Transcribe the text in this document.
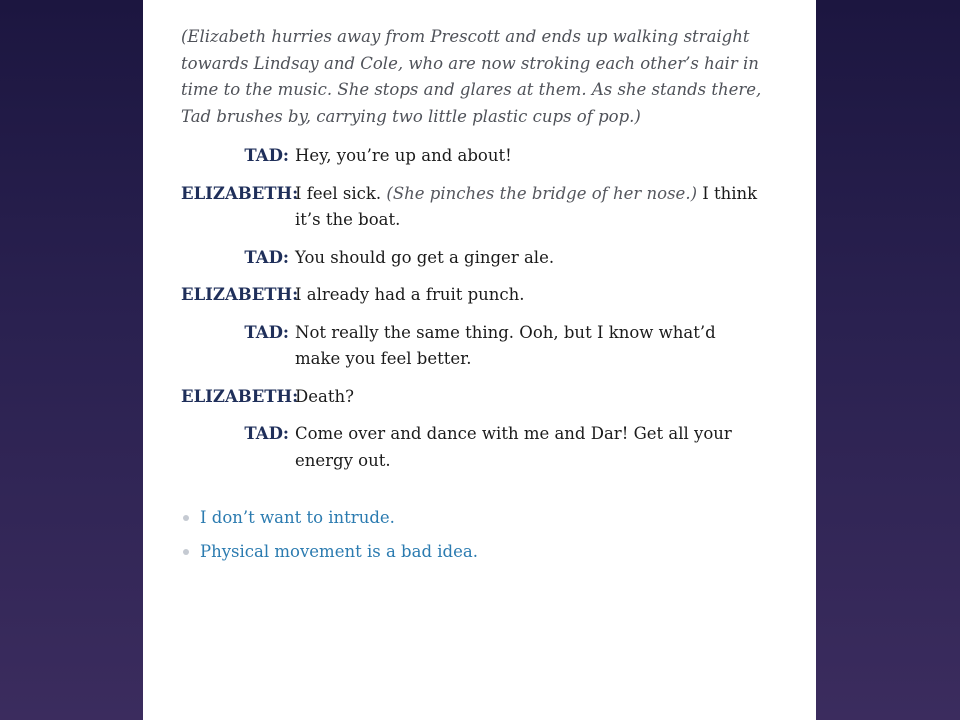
(Elizabeth hurries away from Prescott and ends up walking straight towards Lindsay and Cole, who are now stroking each other’s hair in time to the music. She stops and glares at them. As she stands there, Tad brushes by, carrying two little plastic cups of pop.)

TAD: Hey, you’re up and about!
ELIZABETH:
I feel sick. (She pinches the bridge of her nose.) I think it’s the boat.
TAD: You should go get a ginger ale.
ELIZABETH:
I already had a fruit punch.
TAD: Not really the same thing. Ooh, but I know what’d make you feel better.
ELIZABETH:
Death?
TAD: Come over and dance with me and Dar! Get all your energy out.
I don’t want to intrude.
Physical movement is a bad idea.
